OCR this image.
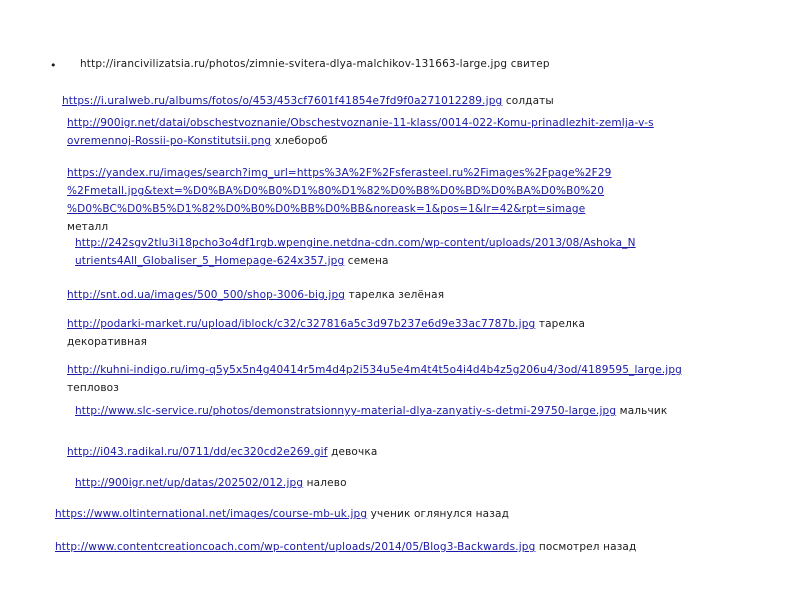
• http://irancivilizatsia.ru/photos/zimnie-svitera-dlya-malchikov-131663-large.jpg свитер
https://i.uralweb.ru/albums/fotos/o/453/453cf7601f41854e7fd9f0a271012289.jpg солдаты
http://900igr.net/datai/obschestvoznanie/Obschestvoznanie-11-klass/0014-022-Komu-prinadlezhit-zemlja-v-s
ovremennoj-Rossii-po-Konstitutsii.png хлебороб
https://yandex.ru/images/search?img_url=https%3A%2F%2Fsferasteel.ru%2Fimages%2Fpage%2F29
%2Fmetall.jpg&text=%D0%BA%D0%B0%D1%80%D1%82%D0%B8%D0%BD%D0%BA%D0%B0%20
%D0%BC%D0%B5%D1%82%D0%B0%D0%BB%D0%BB&noreask=1&pos=1&lr=42&rpt=simage
металл
http://242sgv2tlu3i18pcho3o4df1rgb.wpengine.netdna-cdn.com/wp-content/uploads/2013/08/Ashoka_N
utrients4All_Globaliser_5_Homepage-624x357.jpg семена
http://snt.od.ua/images/500_500/shop-3006-big.jpg тарелка зелёная
http://podarki-market.ru/upload/iblock/c32/c327816a5c3d97b237e6d9e33ac7787b.jpg тарелка
декоративная
http://kuhni-indigo.ru/img-q5y5x5n4g40414r5m4d4p2i534u5e4m4t4t5o4i4d4b4z5g206u4/3od/4189595_large.jpg
тепловоз
http://www.slc-service.ru/photos/demonstratsionnyy-material-dlya-zanyatiy-s-detmi-29750-large.jpg мальчик
http://i043.radikal.ru/0711/dd/ec320cd2e269.gif девочка
http://900igr.net/up/datas/202502/012.jpg налево
https://www.oltinternational.net/images/course-mb-uk.jpg ученик оглянулся назад
http://www.contentcreationcoach.com/wp-content/uploads/2014/05/Blog3-Backwards.jpg посмотрел назад
